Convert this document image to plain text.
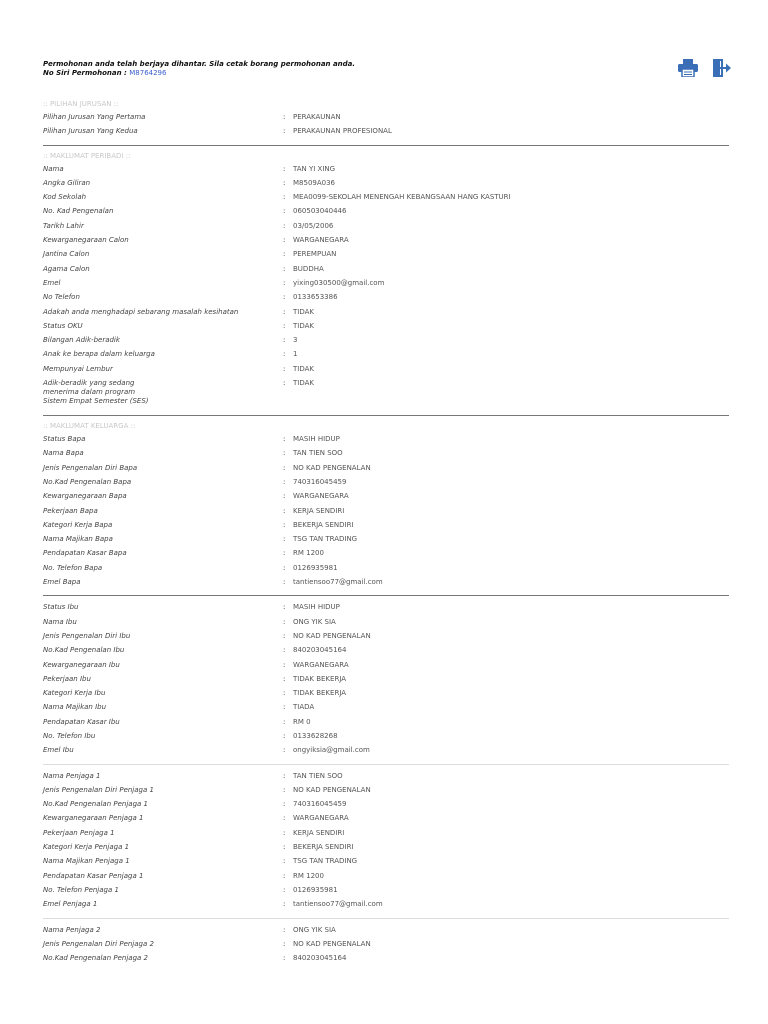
Permohonan anda telah berjaya dihantar. Sila cetak borang permohonan anda.
No Siri Permohonan : M8764296
:: PILIHAN JURUSAN ::
Pilihan Jurusan Yang Pertama	:	PERAKAUNAN
Pilihan Jurusan Yang Kedua	:	PERAKAUNAN PROFESIONAL
:: MAKLUMAT PERIBADI ::
Nama	:	TAN YI XING
Angka Giliran	:	M8509A036
Kod Sekolah	:	MEA0099-SEKOLAH MENENGAH KEBANGSAAN HANG KASTURI
No. Kad Pengenalan	:	060503040446
Tarikh Lahir	:	03/05/2006
Kewarganegaraan Calon	:	WARGANEGARA
Jantina Calon	:	PEREMPUAN
Agama Calon	:	BUDDHA
Emel	:	yixing030500@gmail.com
No Telefon	:	0133653386
Adakah anda menghadapi sebarang masalah kesihatan	:	TIDAK
Status OKU	:	TIDAK
Bilangan Adik-beradik	:	3
Anak ke berapa dalam keluarga	:	1
Mempunyai Lembur	:	TIDAK
Adik-beradik yang sedang
menerima dalam program
Sistem Empat Semester (SES)
:	TIDAK
:: MAKLUMAT KELUARGA ::
Status Bapa	:	MASIH HIDUP
Nama Bapa	:	TAN TIEN SOO
Jenis Pengenalan Diri Bapa	:	NO KAD PENGENALAN
No.Kad Pengenalan Bapa	:	740316045459
Kewarganegaraan Bapa	:	WARGANEGARA
Pekerjaan Bapa	:	KERJA SENDIRI
Kategori Kerja Bapa	:	BEKERJA SENDIRI
Nama Majikan Bapa	:	TSG TAN TRADING
Pendapatan Kasar Bapa	:	RM 1200
No. Telefon Bapa	:	0126935981
Emel Bapa	:	tantiensoo77@gmail.com
Status Ibu	:	MASIH HIDUP
Nama Ibu	:	ONG YIK SIA
Jenis Pengenalan Diri Ibu	:	NO KAD PENGENALAN
No.Kad Pengenalan Ibu	:	840203045164
Kewarganegaraan Ibu	:	WARGANEGARA
Pekerjaan Ibu	:	TIDAK BEKERJA
Kategori Kerja Ibu	:	TIDAK BEKERJA
Nama Majikan Ibu	:	TIADA
Pendapatan Kasar Ibu	:	RM 0
No. Telefon Ibu	:	0133628268
Emel Ibu	:	ongyiksia@gmail.com
Nama Penjaga 1	:	TAN TIEN SOO
Jenis Pengenalan Diri Penjaga 1	:	NO KAD PENGENALAN
No.Kad Pengenalan Penjaga 1	:	740316045459
Kewarganegaraan Penjaga 1	:	WARGANEGARA
Pekerjaan Penjaga 1	:	KERJA SENDIRI
Kategori Kerja Penjaga 1	:	BEKERJA SENDIRI
Nama Majikan Penjaga 1	:	TSG TAN TRADING
Pendapatan Kasar Penjaga 1	:	RM 1200
No. Telefon Penjaga 1	:	0126935981
Emel Penjaga 1	:	tantiensoo77@gmail.com
Nama Penjaga 2	:	ONG YIK SIA
Jenis Pengenalan Diri Penjaga 2	:	NO KAD PENGENALAN
No.Kad Pengenalan Penjaga 2	:	840203045164
